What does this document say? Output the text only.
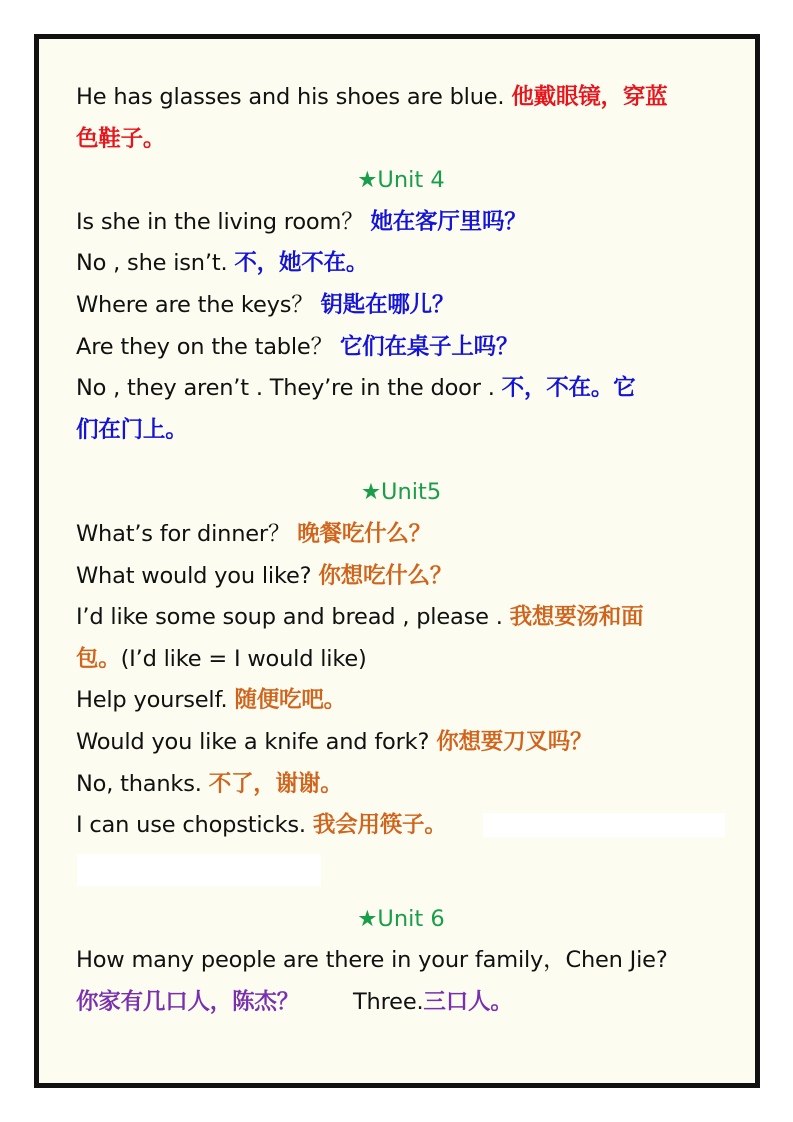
He has glasses and his shoes are blue. 他戴眼镜，穿蓝
色鞋子。
★Unit 4
Is she in the living room？ 她在客厅里吗？
No , she isn’t. 不，她不在。
Where are the keys？ 钥匙在哪儿？
Are they on the table？ 它们在桌子上吗？
No , they aren’t . They’re in the door . 不，不在。它
们在门上。
★Unit5
What’s for dinner？ 晚餐吃什么？
What would you like? 你想吃什么？
I’d like some soup and bread , please . 我想要汤和面
包。(I’d like = I would like)
Help yourself. 随便吃吧。
Would you like a knife and fork? 你想要刀叉吗？
No, thanks. 不了，谢谢。
I can use chopsticks. 我会用筷子。
★Unit 6
How many people are there in your family，Chen Jie?
你家有几口人，陈杰？ Three.三口人。
